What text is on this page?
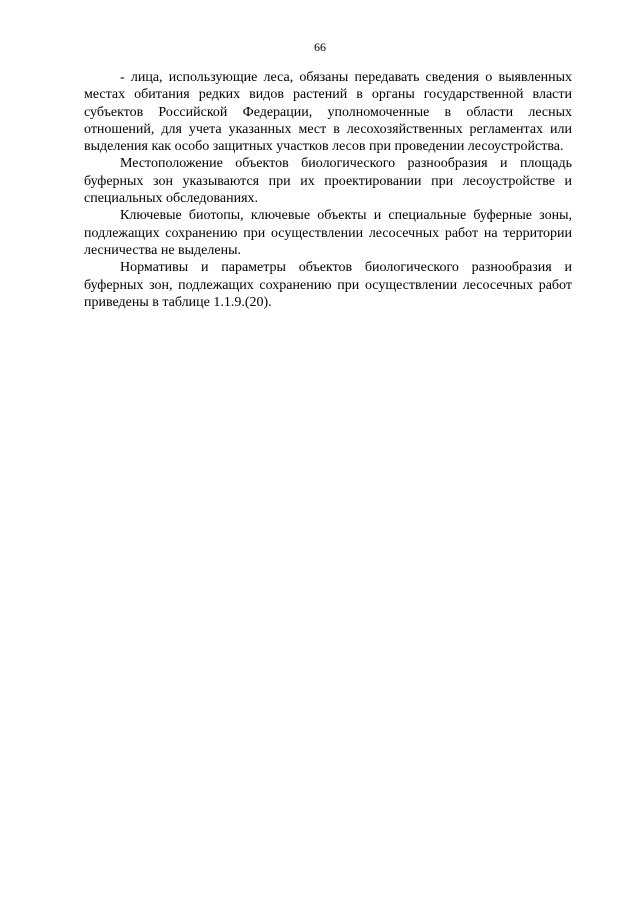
66

- лица, использующие леса, обязаны передавать сведения о выявленных местах обитания редких видов растений в органы государственной власти субъектов Российской Федерации, уполномоченные в области лесных отношений, для учета указанных мест в лесохозяйственных регламентах или выделения как особо защитных участков лесов при проведении лесоустройства.

Местоположение объектов биологического разнообразия и площадь буферных зон указываются при их проектировании при лесоустройстве и специальных обследованиях.

Ключевые биотопы, ключевые объекты и специальные буферные зоны, подлежащих сохранению при осуществлении лесосечных работ на территории лесничества не выделены.

Нормативы и параметры объектов биологического разнообразия и буферных зон, подлежащих сохранению при осуществлении лесосечных работ приведены в таблице 1.1.9.(20).
